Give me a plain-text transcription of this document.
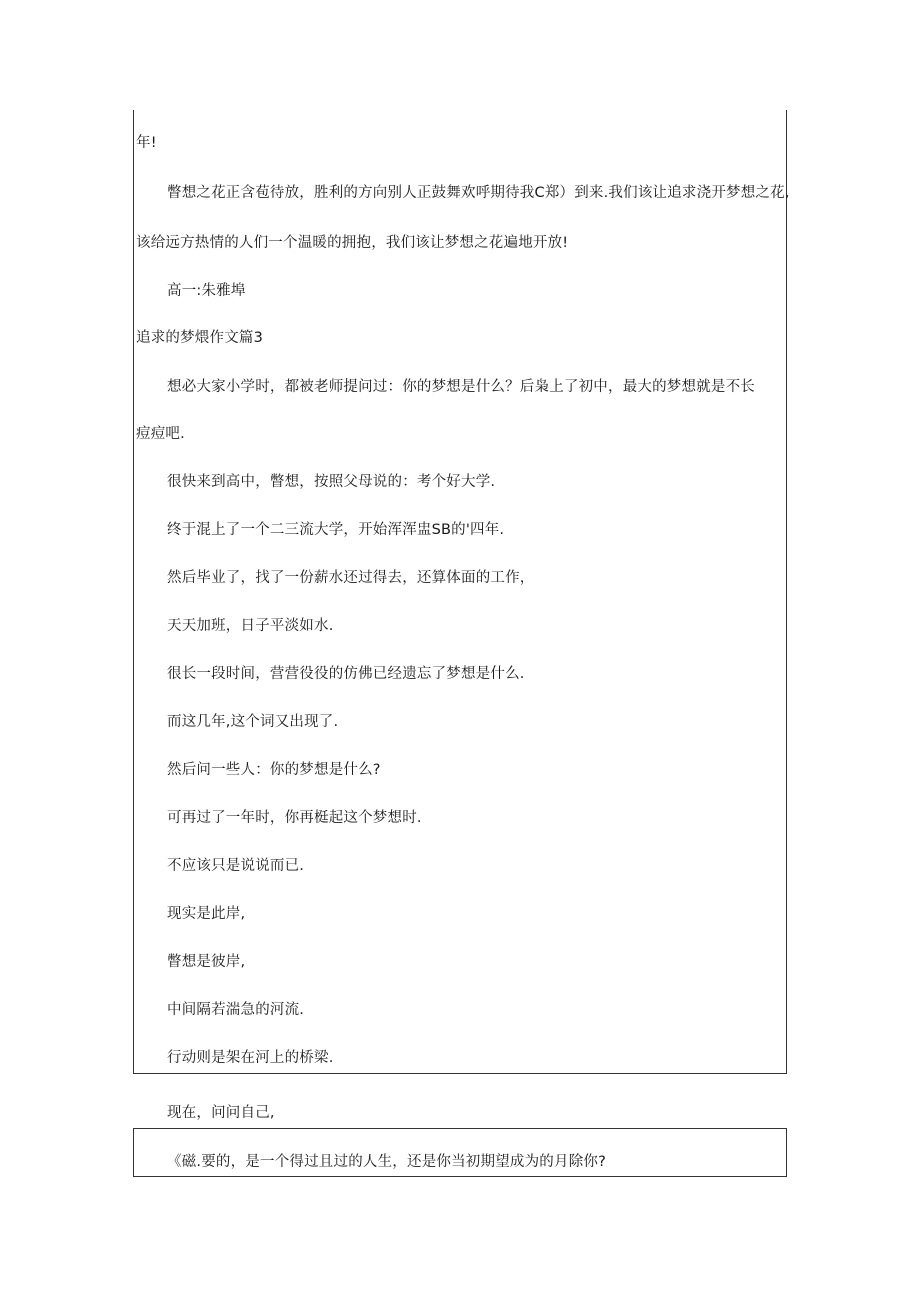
年!
瞥想之花正含苞待放，胜利的方向别人正鼓舞欢呼期待我C郑）到来.我们该让追求浇开梦想之花,
该给远方热情的人们一个温暖的拥抱，我们该让梦想之花遍地开放!
高一:朱雅埠
追求的梦煨作文篇3
想必大家小学时，都被老师提问过：你的梦想是什么？后枭上了初中，最大的梦想就是不长
痘痘吧.
很快来到高中，瞥想，按照父母说的：考个好大学.
终于混上了一个二三流大学，开始浑浑盅SB的'四年.
然后毕业了，找了一份薪水还过得去，还算体面的工作，
天天加班，日子平淡如水.
很长一段时间，营营役役的仿佛已经遗忘了梦想是什么.
而这几年,这个词又出现了.
然后问一些人：你的梦想是什么?
可再过了一年时，你再梃起这个梦想时.
不应该只是说说而已.
现实是此岸,
瞥想是彼岸,
中间隔若湍急的河流.
行动则是架在河上的桥梁.
现在，问问自己,
《磁.要的，是一个得过且过的人生，还是你当初期望成为的月除你?
